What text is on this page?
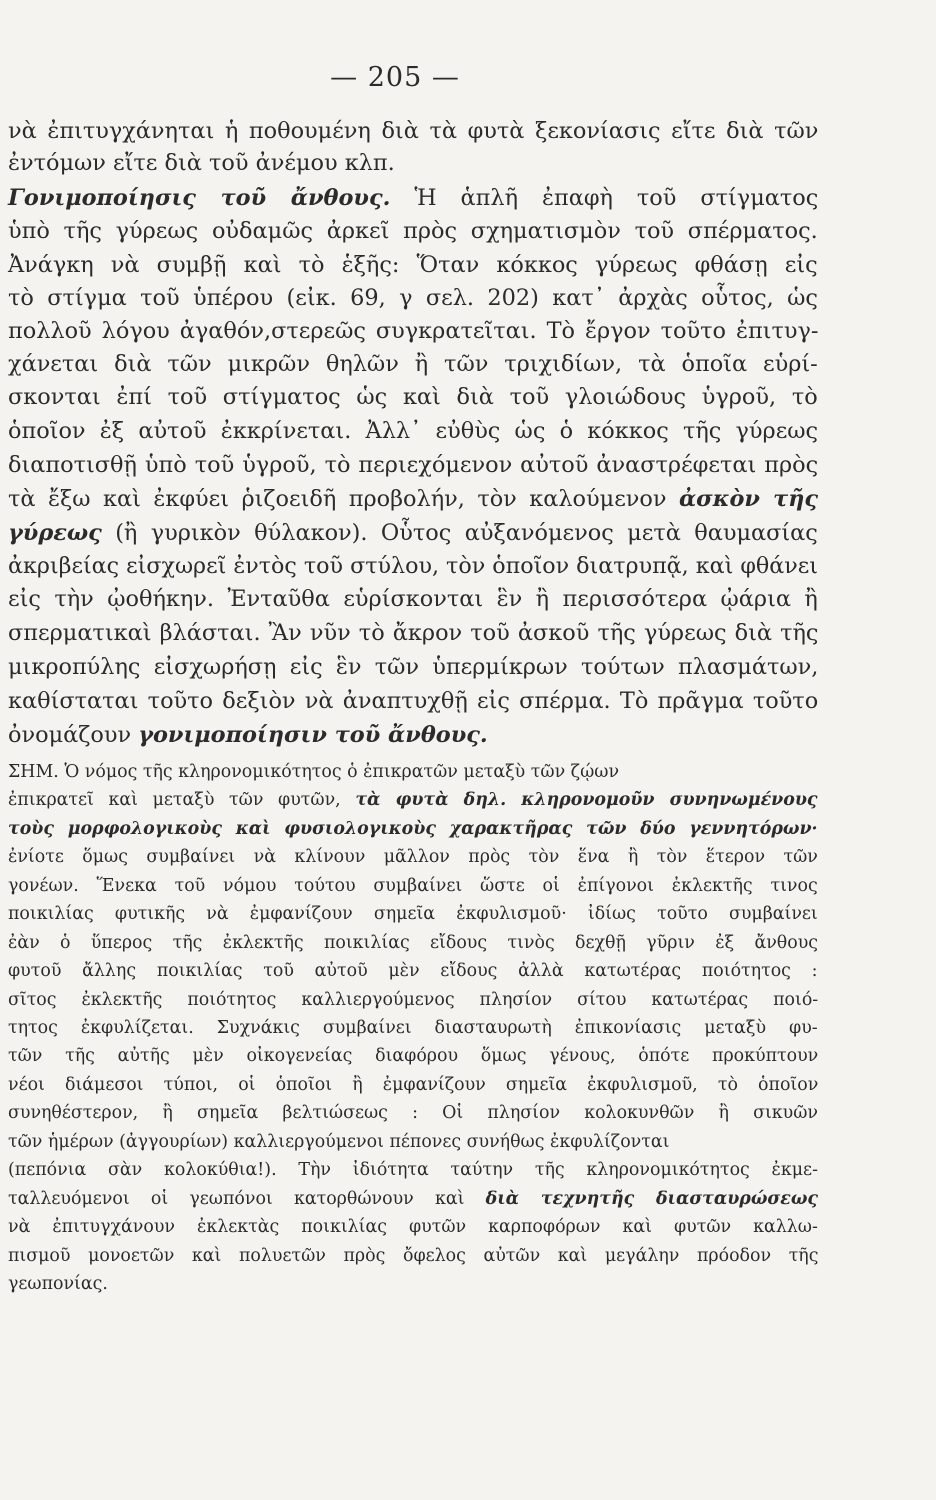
— 205 —
νὰ ἐπιτυγχάνηται ἡ ποθουμένη διὰ τὰ φυτὰ ξεκονίασις εἴτε διὰ τῶν
ἐντόμων εἴτε διὰ τοῦ ἀνέμου κλπ.
Γονιμοποίησις τοῦ ἄνθους. Ἡ ἁπλῆ ἐπαφὴ τοῦ στίγματος
ὑπὸ τῆς γύρεως οὐδαμῶς ἀρκεῖ πρὸς σχηματισμὸν τοῦ σπέρματος.
Ἀνάγκη νὰ συμβῇ καὶ τὸ ἑξῆς: Ὅταν κόκκος γύρεως φθάσῃ εἰς
τὸ στίγμα τοῦ ὑπέρου (εἰκ. 69, γ σελ. 202) κατ᾽ ἀρχὰς οὗτος, ὡς
πολλοῦ λόγου ἀγαθόν,στερεῶς συγκρατεῖται. Τὸ ἔργον τοῦτο ἐπιτυγ-
χάνεται διὰ τῶν μικρῶν θηλῶν ἢ τῶν τριχιδίων, τὰ ὁποῖα εὑρί-
σκονται ἐπί τοῦ στίγματος ὡς καὶ διὰ τοῦ γλοιώδους ὑγροῦ, τὸ
ὁποῖον ἐξ αὐτοῦ ἐκκρίνεται. Ἀλλ᾽ εὐθὺς ὡς ὁ κόκκος τῆς γύρεως
διαποτισθῇ ὑπὸ τοῦ ὑγροῦ, τὸ περιεχόμενον αὐτοῦ ἀναστρέφεται πρὸς
τὰ ἔξω καὶ ἐκφύει ῥιζοειδῆ προβολήν, τὸν καλούμενον ἀσκὸν τῆς
γύρεως (ἢ γυρικὸν θύλακον). Οὗτος αὐξανόμενος μετὰ θαυμασίας
ἀκριβείας εἰσχωρεῖ ἐντὸς τοῦ στύλου, τὸν ὁποῖον διατρυπᾷ, καὶ φθάνει
εἰς τὴν ᾠοθήκην. Ἐνταῦθα εὑρίσκονται ἓν ἢ περισσότερα ᾠάρια ἢ
σπερματικαὶ βλάσται. Ἂν νῦν τὸ ἄκρον τοῦ ἀσκοῦ τῆς γύρεως διὰ τῆς
μικροπύλης εἰσχωρήσῃ εἰς ἓν τῶν ὑπερμίκρων τούτων πλασμάτων,
καθίσταται τοῦτο δεξιὸν νὰ ἀναπτυχθῇ εἰς σπέρμα. Τὸ πρᾶγμα τοῦτο
ὀνομάζουν γονιμοποίησιν τοῦ ἄνθους.
ΣΗΜ. Ὁ νόμος τῆς κληρονομικότητος ὁ ἐπικρατῶν μεταξὺ τῶν ζῴων
ἐπικρατεῖ καὶ μεταξὺ τῶν φυτῶν, τὰ φυτὰ δηλ. κληρονομοῦν συνηνωμένους
τοὺς μορφολογικοὺς καὶ φυσιολογικοὺς χαρακτῆρας τῶν δύο γεννητόρων·
ἐνίοτε ὅμως συμβαίνει νὰ κλίνουν μᾶλλον πρὸς τὸν ἕνα ἢ τὸν ἕτερον τῶν
γονέων. Ἕνεκα τοῦ νόμου τούτου συμβαίνει ὥστε οἱ ἐπίγονοι ἐκλεκτῆς τινος
ποικιλίας φυτικῆς νὰ ἐμφανίζουν σημεῖα ἐκφυλισμοῦ· ἰδίως τοῦτο συμβαίνει
ἐὰν ὁ ὕπερος τῆς ἐκλεκτῆς ποικιλίας εἴδους τινὸς δεχθῇ γῦριν ἐξ ἄνθους
φυτοῦ ἄλλης ποικιλίας τοῦ αὐτοῦ μὲν εἴδους ἀλλὰ κατωτέρας ποιότητος :
σῖτος ἐκλεκτῆς ποιότητος καλλιεργούμενος πλησίον σίτου κατωτέρας ποιό-
τητος ἐκφυλίζεται. Συχνάκις συμβαίνει διασταυρωτὴ ἐπικονίασις μεταξὺ φυ-
τῶν τῆς αὐτῆς μὲν οἰκογενείας διαφόρου ὅμως γένους, ὁπότε προκύπτουν
νέοι διάμεσοι τύποι, οἱ ὁποῖοι ἢ ἐμφανίζουν σημεῖα ἐκφυλισμοῦ, τὸ ὁποῖον
συνηθέστερον, ἢ σημεῖα βελτιώσεως : Οἱ πλησίον κολοκυνθῶν ἢ σικυῶν
τῶν ἡμέρων (ἀγγουρίων) καλλιεργούμενοι πέπονες συνήθως ἐκφυλίζονται
(πεπόνια σὰν κολοκύθια!). Τὴν ἰδιότητα ταύτην τῆς κληρονομικότητος ἐκμε-
ταλλευόμενοι οἱ γεωπόνοι κατορθώνουν καὶ διὰ τεχνητῆς διασταυρώσεως
νὰ ἐπιτυγχάνουν ἐκλεκτὰς ποικιλίας φυτῶν καρποφόρων καὶ φυτῶν καλλω-
πισμοῦ μονοετῶν καὶ πολυετῶν πρὸς ὄφελος αὐτῶν καὶ μεγάλην πρόοδον τῆς
γεωπονίας.
